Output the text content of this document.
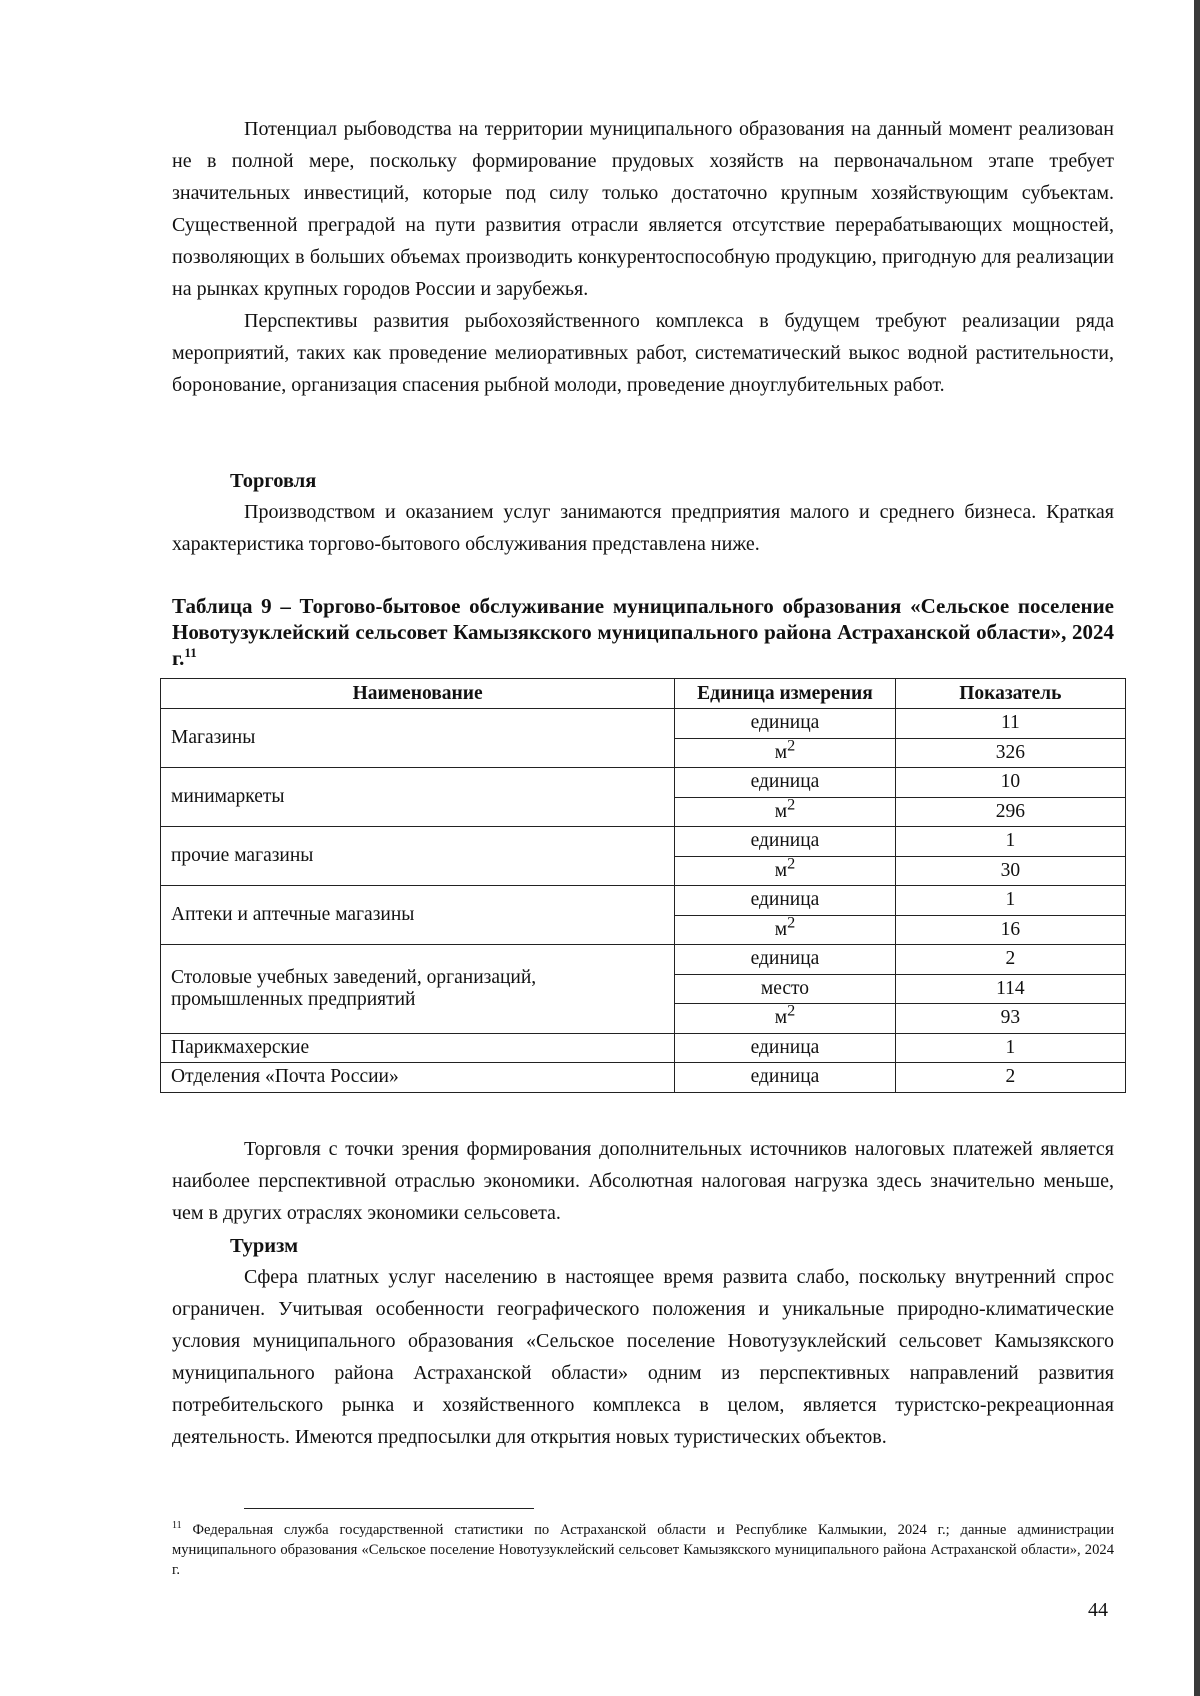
Потенциал рыбоводства на территории муниципального образования на данный момент реализован не в полной мере, поскольку формирование прудовых хозяйств на первоначальном этапе требует значительных инвестиций, которые под силу только достаточно крупным хозяйствующим субъектам. Существенной преградой на пути развития отрасли является отсутствие перерабатывающих мощностей, позволяющих в больших объемах производить конкурентоспособную продукцию, пригодную для реализации на рынках крупных городов России и зарубежья.

Перспективы развития рыбохозяйственного комплекса в будущем требуют реализации ряда мероприятий, таких как проведение мелиоративных работ, систематический выкос водной растительности, боронование, организация спасения рыбной молоди, проведение дноуглубительных работ.

Торговля

Производством и оказанием услуг занимаются предприятия малого и среднего бизнеса. Краткая характеристика торгово-бытового обслуживания представлена ниже.

Таблица 9 – Торгово-бытовое обслуживание муниципального образования «Сельское поселение Новотузуклейский сельсовет Камызякского муниципального района Астраханской области», 2024 г.$^{11}$
Наименование	Единица измерения	Показатель
Магазины	единица	11
	$м^2$	326
минимаркеты	единица	10
	$м^2$	296
прочие магазины	единица	1
	$м^2$	30
Аптеки и аптечные магазины	единица	1
	$м^2$	16
Столовые учебных заведений, организаций, промышленных предприятий	единица	2
	место	114
	$м^2$	93
Парикмахерские	единица	1
Отделения «Почта России»	единица	2

Торговля с точки зрения формирования дополнительных источников налоговых платежей является наиболее перспективной отраслью экономики. Абсолютная налоговая нагрузка здесь значительно меньше, чем в других отраслях экономики сельсовета.

Туризм

Сфера платных услуг населению в настоящее время развита слабо, поскольку внутренний спрос ограничен. Учитывая особенности географического положения и уникальные природно-климатические условия муниципального образования «Сельское поселение Новотузуклейский сельсовет Камызякского муниципального района Астраханской области» одним из перспективных направлений развития потребительского рынка и хозяйственного комплекса в целом, является туристско-рекреационная деятельность. Имеются предпосылки для открытия новых туристических объектов.

$^{11}$ Федеральная служба государственной статистики по Астраханской области и Республике Калмыкии, 2024 г.; данные администрации муниципального образования «Сельское поселение Новотузуклейский сельсовет Камызякского муниципального района Астраханской области», 2024 г.
44
